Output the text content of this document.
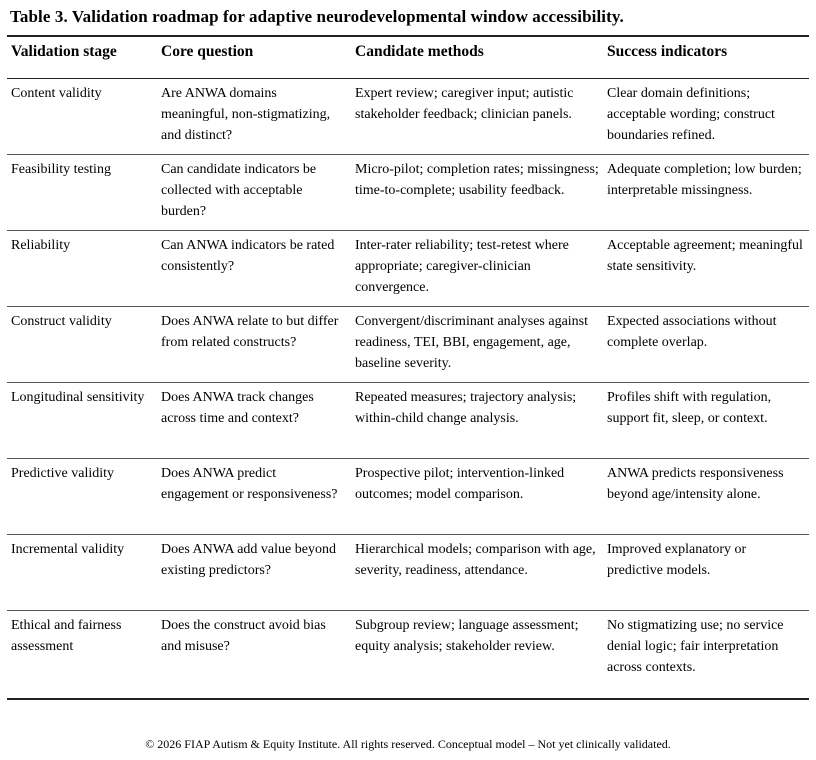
Table 3. Validation roadmap for adaptive neurodevelopmental window accessibility.
Validation stage	Core question	Candidate methods	Success indicators
Content validity	Are ANWA domains meaningful, non-stigmatizing, and distinct?	Expert review; caregiver input; autistic stakeholder feedback; clinician panels.	Clear domain definitions; acceptable wording; construct boundaries refined.
Feasibility testing	Can candidate indicators be collected with acceptable burden?	Micro-pilot; completion rates; missingness; time-to-complete; usability feedback.	Adequate completion; low burden; interpretable missingness.
Reliability	Can ANWA indicators be rated consistently?	Inter-rater reliability; test-retest where appropriate; caregiver-clinician convergence.	Acceptable agreement; meaningful state sensitivity.
Construct validity	Does ANWA relate to but differ from related constructs?	Convergent/discriminant analyses against readiness, TEI, BBI, engagement, age, baseline severity.	Expected associations without complete overlap.
Longitudinal sensitivity	Does ANWA track changes across time and context?	Repeated measures; trajectory analysis; within-child change analysis.	Profiles shift with regulation, support fit, sleep, or context.
Predictive validity	Does ANWA predict engagement or responsiveness?	Prospective pilot; intervention-linked outcomes; model comparison.	ANWA predicts responsiveness beyond age/intensity alone.
Incremental validity	Does ANWA add value beyond existing predictors?	Hierarchical models; comparison with age, severity, readiness, attendance.	Improved explanatory or predictive models.
Ethical and fairness assessment	Does the construct avoid bias and misuse?	Subgroup review; language assessment; equity analysis; stakeholder review.	No stigmatizing use; no service denial logic; fair interpretation across contexts.
© 2026 FIAP Autism & Equity Institute. All rights reserved. Conceptual model – Not yet clinically validated.
